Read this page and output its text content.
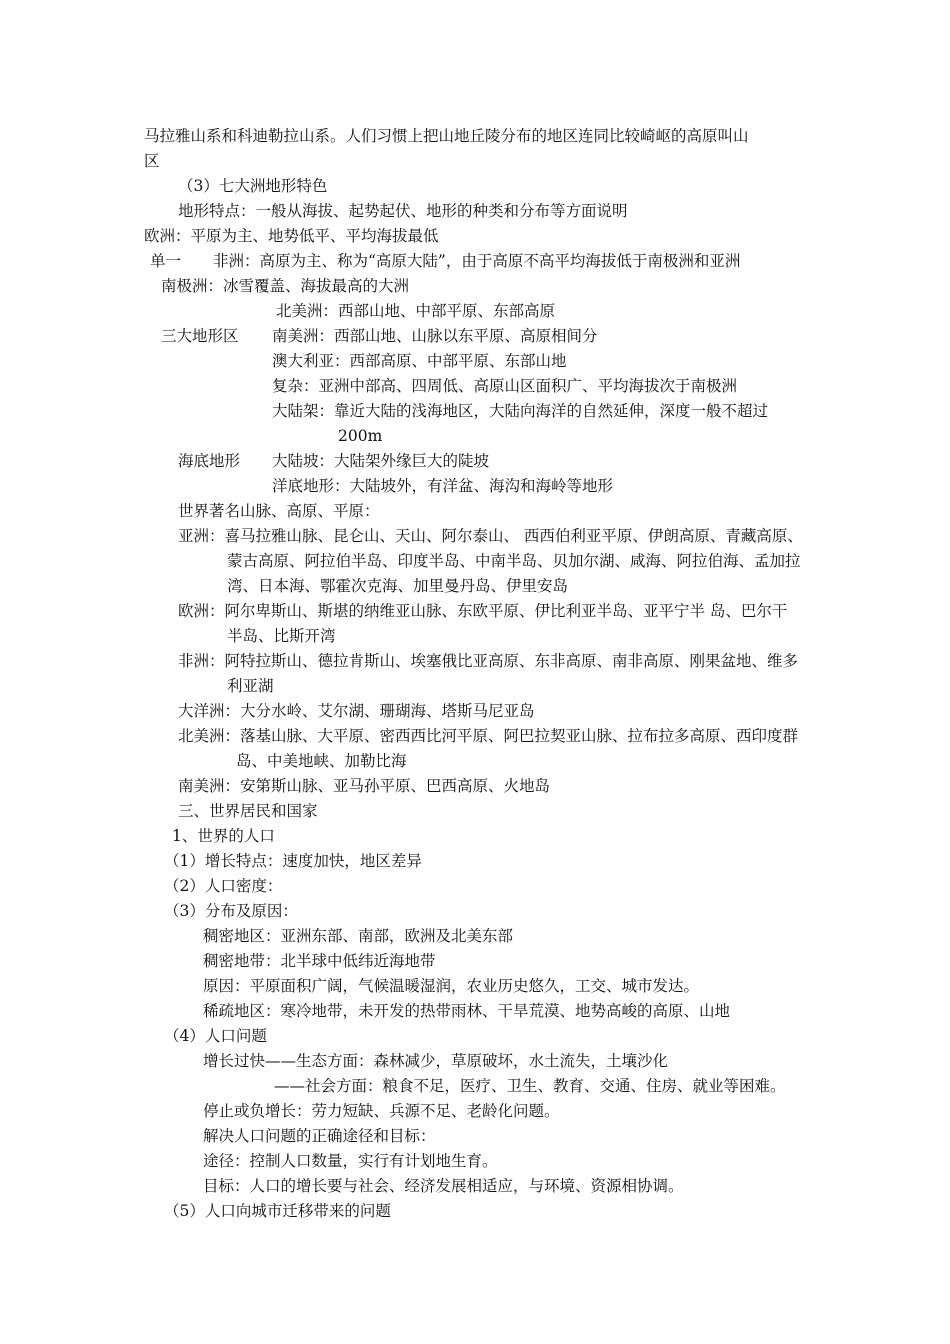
马拉雅山系和科迪勒拉山系。人们习惯上把山地丘陵分布的地区连同比较崎岖的高原叫山
区
（3）七大洲地形特色
地形特点：一般从海拔、起势起伏、地形的种类和分布等方面说明
欧洲：平原为主、地势低平、平均海拔最低
单一 非洲：高原为主、称为“高原大陆”，由于高原不高平均海拔低于南极洲和亚洲
南极洲：冰雪覆盖、海拔最高的大洲
北美洲：西部山地、中部平原、东部高原
三大地形区 南美洲：西部山地、山脉以东平原、高原相间分
澳大利亚：西部高原、中部平原、东部山地
复杂：亚洲中部高、四周低、高原山区面积广、平均海拔次于南极洲
大陆架：靠近大陆的浅海地区，大陆向海洋的自然延伸，深度一般不超过
200m
海底地形 大陆坡：大陆架外缘巨大的陡坡
洋底地形：大陆坡外，有洋盆、海沟和海岭等地形
世界著名山脉、高原、平原：
亚洲：喜马拉雅山脉、昆仑山、天山、阿尔泰山、 西西伯利亚平原、伊朗高原、青藏高原、
蒙古高原、阿拉伯半岛、印度半岛、中南半岛、贝加尔湖、咸海、阿拉伯海、孟加拉
湾、日本海、鄂霍次克海、加里曼丹岛、伊里安岛
欧洲：阿尔卑斯山、斯堪的纳维亚山脉、东欧平原、伊比利亚半岛、亚平宁半 岛、巴尔干
半岛、比斯开湾
非洲：阿特拉斯山、德拉肯斯山、埃塞俄比亚高原、东非高原、南非高原、刚果盆地、维多
利亚湖
大洋洲：大分水岭、艾尔湖、珊瑚海、塔斯马尼亚岛
北美洲：落基山脉、大平原、密西西比河平原、阿巴拉契亚山脉、拉布拉多高原、西印度群
岛、中美地峡、加勒比海
南美洲：安第斯山脉、亚马孙平原、巴西高原、火地岛
三、世界居民和国家
1、世界的人口
（1）增长特点：速度加快，地区差异
（2）人口密度：
（3）分布及原因：
稠密地区：亚洲东部、南部，欧洲及北美东部
稠密地带：北半球中低纬近海地带
原因：平原面积广阔，气候温暖湿润，农业历史悠久，工交、城市发达。
稀疏地区：寒冷地带，未开发的热带雨林、干旱荒漠、地势高峻的高原、山地
（4）人口问题
增长过快——生态方面：森林减少，草原破坏，水土流失，土壤沙化
——社会方面：粮食不足，医疗、卫生、教育、交通、住房、就业等困难。
停止或负增长：劳力短缺、兵源不足、老龄化问题。
解决人口问题的正确途径和目标：
途径：控制人口数量，实行有计划地生育。
目标：人口的增长要与社会、经济发展相适应，与环境、资源相协调。
（5）人口向城市迁移带来的问题
